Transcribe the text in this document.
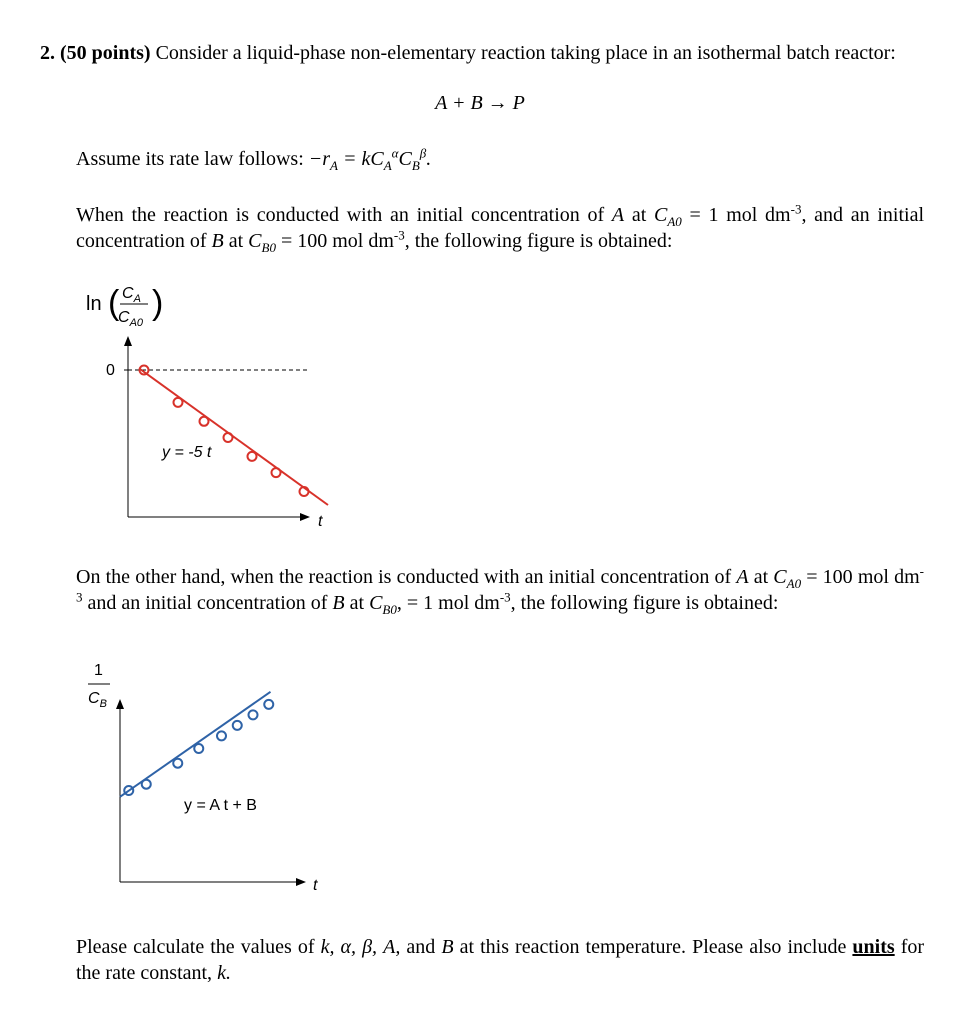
2. (50 points) Consider a liquid-phase non-elementary reaction taking place in an isothermal batch reactor:
A + B → P
Assume its rate law follows: $-r_A = kC_A^\alpha C_B^\beta$.
When the reaction is conducted with an initial concentration of A at $C_{A0} = 1$ mol $dm^{-3}$, and an initial concentration of B at $C_{B0} = 100$ mol $dm^{-3}$, the following figure is obtained:
ln ( $C_A$
$C_{A0}$
)
0
y = -5 t
t
On the other hand, when the reaction is conducted with an initial concentration of A at $C_{A0} = 100$ mol $dm^{-3}$ and an initial concentration of B at $C_{B0}$, = 1 mol $dm^{-3}$, the following figure is obtained:
1
$C_B$
y = A t + B
t
Please calculate the values of k, α, β, A, and B at this reaction temperature. Please also include units for the rate constant, k.
